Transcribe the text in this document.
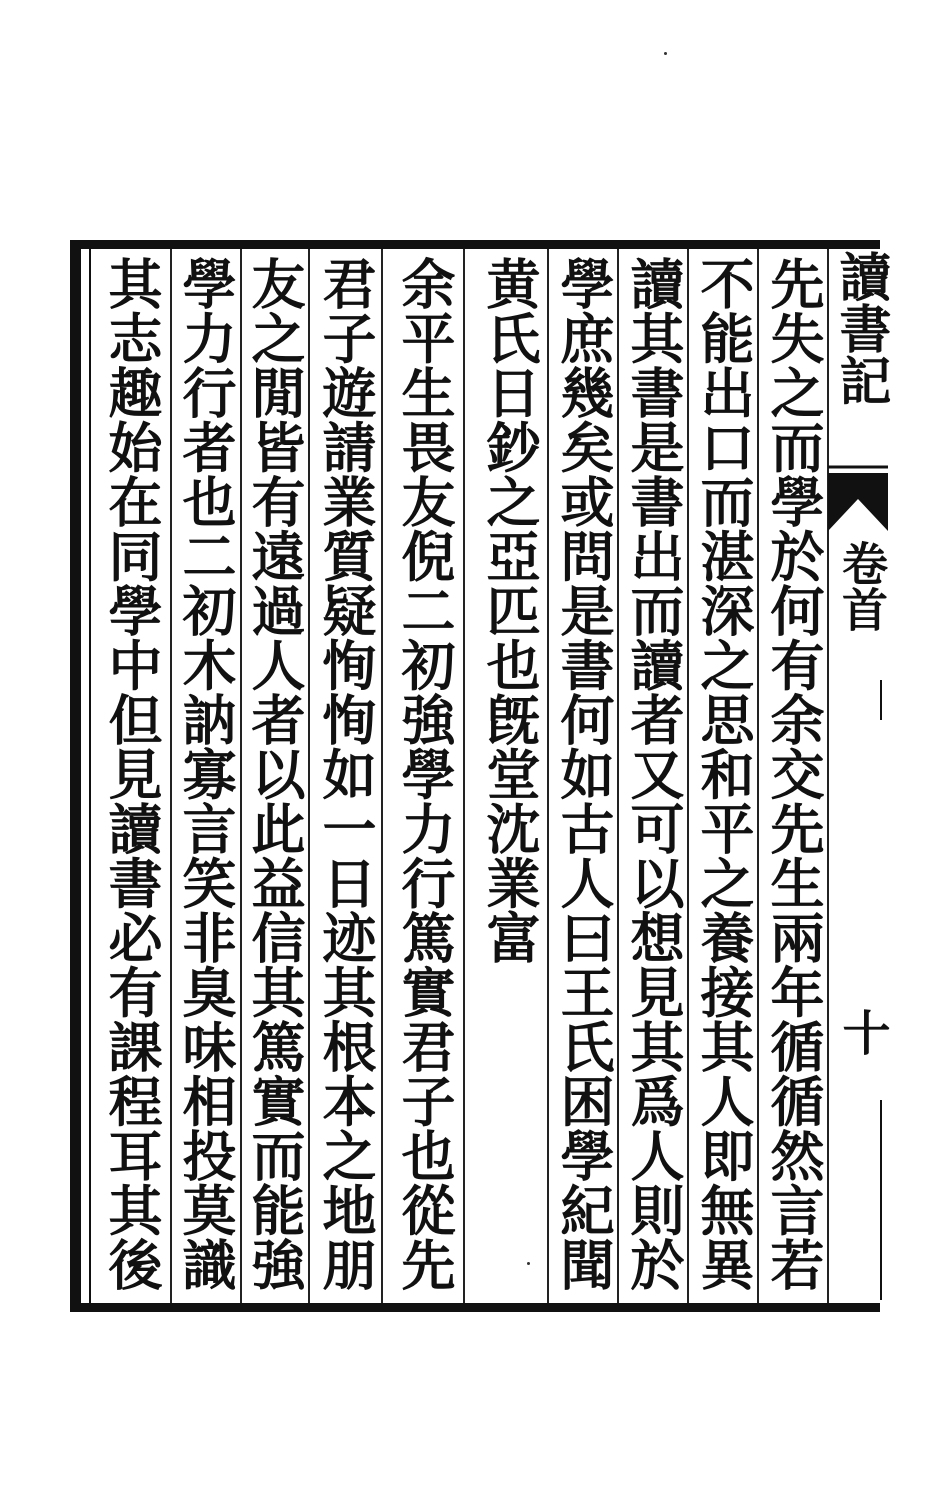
讀書記
卷首
十
先失之而學於何有余交先生兩年循循然言若
不能出口而湛深之思和平之養接其人即無異
讀其書是書出而讀者又可以想見其爲人則於
學庶幾矣或問是書何如古人曰王氏困學紀聞
黄氏日鈔之亞匹也旣堂沈業富
余平生畏友倪二初強學力行篤實君子也從先
君子遊請業質疑恂恂如一日迹其根本之地朋
友之閒皆有遠過人者以此益信其篤實而能強
學力行者也二初木訥寡言笑非臭味相投莫識
其志趣始在同學中但見讀書必有課程耳其後
